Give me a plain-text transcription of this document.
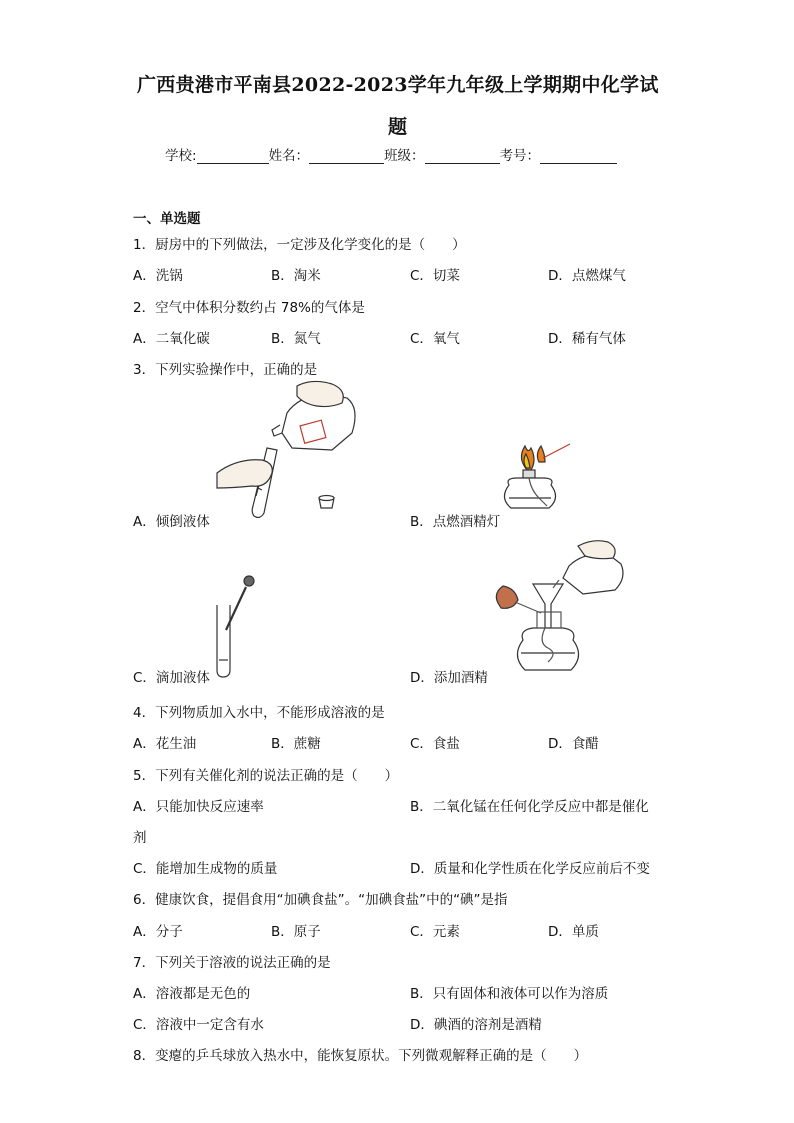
广西贵港市平南县2022-2023学年九年级上学期期中化学试
题
学校:	姓名：	班级：	考号：
一、单选题
1．厨房中的下列做法，一定涉及化学变化的是（　　）
A．洗锅	B．淘米	C．切菜	D．点燃煤气
2．空气中体积分数约占 78%的气体是
A．二氧化碳	B．氮气	C．氧气	D．稀有气体
3．下列实验操作中，正确的是
A．倾倒液体	B．点燃酒精灯
C．滴加液体	D．添加酒精
4．下列物质加入水中，不能形成溶液的是
A．花生油	B．蔗糖	C．食盐	D．食醋
5．下列有关催化剂的说法正确的是（　　）
A．只能加快反应速率	B．二氧化锰在任何化学反应中都是催化
剂
C．能增加生成物的质量	D．质量和化学性质在化学反应前后不变
6．健康饮食，提倡食用“加碘食盐”。“加碘食盐”中的“碘”是指
A．分子	B．原子	C．元素	D．单质
7．下列关于溶液的说法正确的是
A．溶液都是无色的	B．只有固体和液体可以作为溶质
C．溶液中一定含有水	D．碘酒的溶剂是酒精
8．变瘪的乒乓球放入热水中，能恢复原状。下列微观解释正确的是（　　）
